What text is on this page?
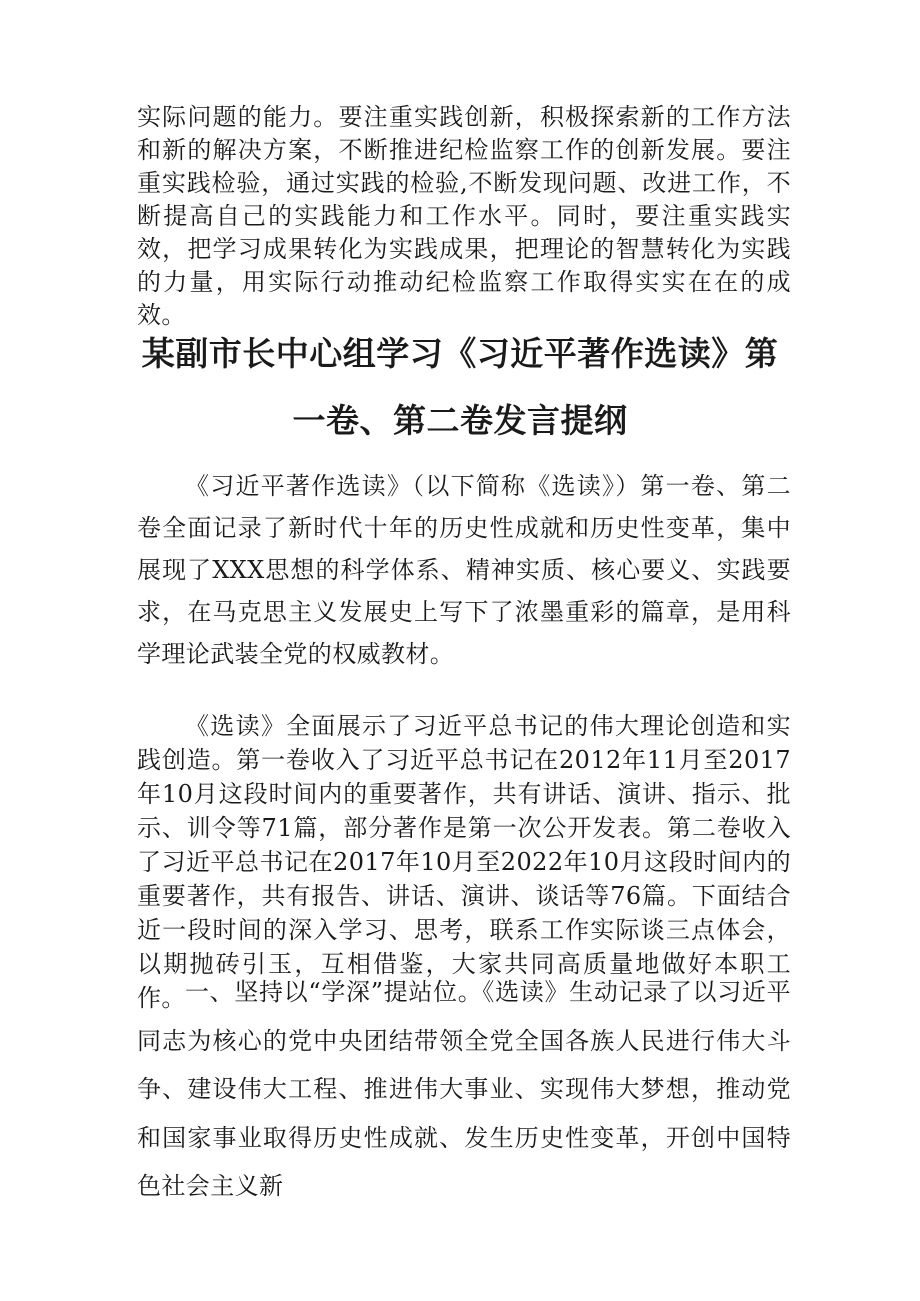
实际问题的能力。要注重实践创新，积极探索新的工作方法和新的解决方案，不断推进纪检监察工作的创新发展。要注重实践检验，通过实践的检验,不断发现问题、改进工作，不断提高自己的实践能力和工作水平。同时，要注重实践实效，把学习成果转化为实践成果，把理论的智慧转化为实践的力量，用实际行动推动纪检监察工作取得实实在在的成效。

某副市长中心组学习《习近平著作选读》第
一卷、第二卷发言提纲

《习近平著作选读》（以下简称《选读》）第一卷、第二卷全面记录了新时代十年的历史性成就和历史性变革，集中展现了XXX思想的科学体系、精神实质、核心要义、实践要求，在马克思主义发展史上写下了浓墨重彩的篇章，是用科学理论武装全党的权威教材。

《选读》全面展示了习近平总书记的伟大理论创造和实践创造。第一卷收入了习近平总书记在2012年11月至2017年10月这段时间内的重要著作，共有讲话、演讲、指示、批示、训令等71篇，部分著作是第一次公开发表。第二卷收入了习近平总书记在2017年10月至2022年10月这段时间内的重要著作，共有报告、讲话、演讲、谈话等76篇。下面结合近一段时间的深入学习、思考，联系工作实际谈三点体会，以期抛砖引玉，互相借鉴，大家共同高质量地做好本职工作。 一、坚持以“学深”提站位。《选读》生动记录了以习近平同志为核心的党中央团结带领全党全国各族人民进行伟大斗争、建设伟大工程、推进伟大事业、实现伟大梦想，推动党和国家事业取得历史性成就、发生历史性变革，开创中国特色社会主义新
